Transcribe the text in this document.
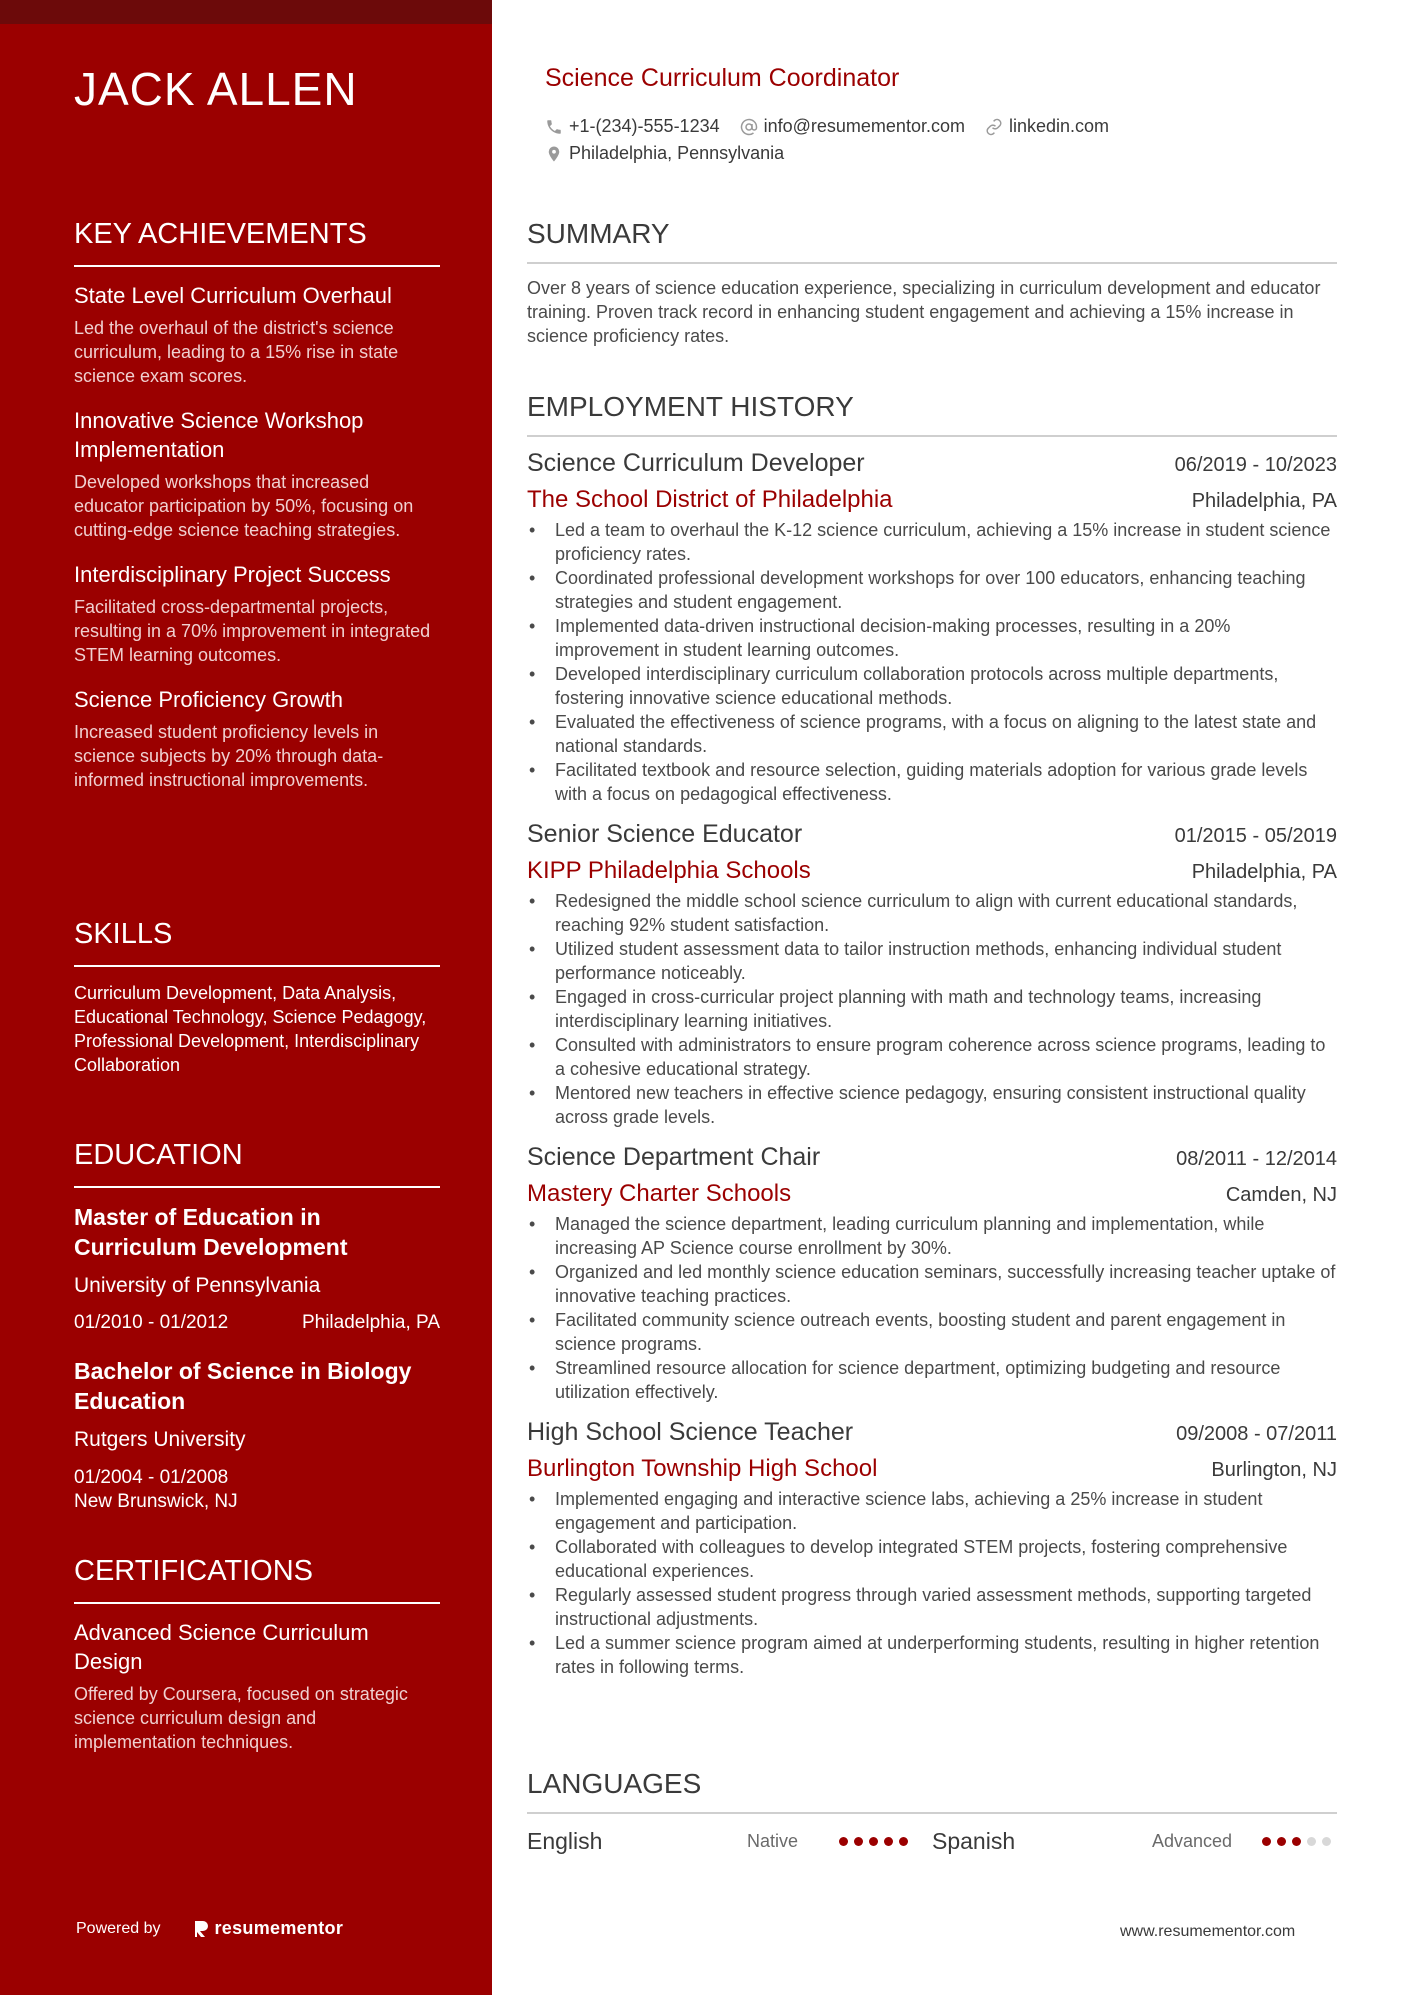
JACK ALLEN
KEY ACHIEVEMENTS
State Level Curriculum Overhaul
Led the overhaul of the district's science curriculum, leading to a 15% rise in state science exam scores.
Innovative Science Workshop Implementation
Developed workshops that increased educator participation by 50%, focusing on cutting-edge science teaching strategies.
Interdisciplinary Project Success
Facilitated cross-departmental projects, resulting in a 70% improvement in integrated STEM learning outcomes.
Science Proficiency Growth
Increased student proficiency levels in science subjects by 20% through data-informed instructional improvements.
SKILLS
Curriculum Development, Data Analysis, Educational Technology, Science Pedagogy, Professional Development, Interdisciplinary Collaboration
EDUCATION
Master of Education in Curriculum Development
University of Pennsylvania
01/2010 - 01/2012	Philadelphia, PA
Bachelor of Science in Biology Education
Rutgers University
01/2004 - 01/2008
New Brunswick, NJ
CERTIFICATIONS
Advanced Science Curriculum Design
Offered by Coursera, focused on strategic science curriculum design and implementation techniques.
Powered by	resumementor
Science Curriculum Coordinator
+1-(234)-555-1234 info@resumementor.com linkedin.com
Philadelphia, Pennsylvania
SUMMARY
Over 8 years of science education experience, specializing in curriculum development and educator training. Proven track record in enhancing student engagement and achieving a 15% increase in science proficiency rates.
EMPLOYMENT HISTORY
Science Curriculum Developer	06/2019 - 10/2023
The School District of Philadelphia	Philadelphia, PA
• Led a team to overhaul the K-12 science curriculum, achieving a 15% increase in student science proficiency rates.
• Coordinated professional development workshops for over 100 educators, enhancing teaching strategies and student engagement.
• Implemented data-driven instructional decision-making processes, resulting in a 20% improvement in student learning outcomes.
• Developed interdisciplinary curriculum collaboration protocols across multiple departments, fostering innovative science educational methods.
• Evaluated the effectiveness of science programs, with a focus on aligning to the latest state and national standards.
• Facilitated textbook and resource selection, guiding materials adoption for various grade levels with a focus on pedagogical effectiveness.
Senior Science Educator	01/2015 - 05/2019
KIPP Philadelphia Schools	Philadelphia, PA
• Redesigned the middle school science curriculum to align with current educational standards, reaching 92% student satisfaction.
• Utilized student assessment data to tailor instruction methods, enhancing individual student performance noticeably.
• Engaged in cross-curricular project planning with math and technology teams, increasing interdisciplinary learning initiatives.
• Consulted with administrators to ensure program coherence across science programs, leading to a cohesive educational strategy.
• Mentored new teachers in effective science pedagogy, ensuring consistent instructional quality across grade levels.
Science Department Chair	08/2011 - 12/2014
Mastery Charter Schools	Camden, NJ
• Managed the science department, leading curriculum planning and implementation, while increasing AP Science course enrollment by 30%.
• Organized and led monthly science education seminars, successfully increasing teacher uptake of innovative teaching practices.
• Facilitated community science outreach events, boosting student and parent engagement in science programs.
• Streamlined resource allocation for science department, optimizing budgeting and resource utilization effectively.
High School Science Teacher	09/2008 - 07/2011
Burlington Township High School	Burlington, NJ
• Implemented engaging and interactive science labs, achieving a 25% increase in student engagement and participation.
• Collaborated with colleagues to develop integrated STEM projects, fostering comprehensive educational experiences.
• Regularly assessed student progress through varied assessment methods, supporting targeted instructional adjustments.
• Led a summer science program aimed at underperforming students, resulting in higher retention rates in following terms.
LANGUAGES
English	Native	Spanish	Advanced
www.resumementor.com
